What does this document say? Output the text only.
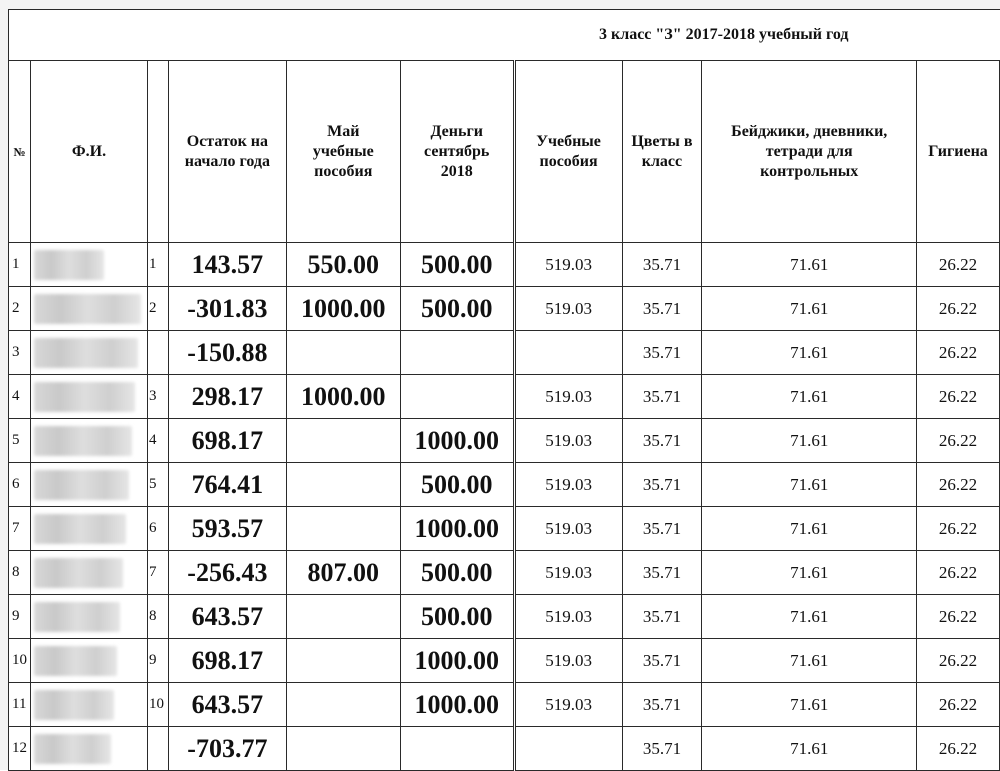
3 класс "З" 2017-2018 учебный год									
№	Ф.И.		Остаток на
начало года	Май
учебные
пособия	Деньги
сентябрь
2018	Учебные
пособия	Цветы в
класс	Бейджики, дневники,
тетради для
контрольных	Гигиена

1		1	143.57	550.00	500.00	519.03	35.71	71.61	26.22
2		2	-301.83	1000.00	500.00	519.03	35.71	71.61	26.22
3			-150.88				35.71	71.61	26.22
4		3	298.17	1000.00		519.03	35.71	71.61	26.22
5		4	698.17		1000.00	519.03	35.71	71.61	26.22
6		5	764.41		500.00	519.03	35.71	71.61	26.22
7		6	593.57		1000.00	519.03	35.71	71.61	26.22
8		7	-256.43	807.00	500.00	519.03	35.71	71.61	26.22
9		8	643.57		500.00	519.03	35.71	71.61	26.22
10		9	698.17		1000.00	519.03	35.71	71.61	26.22
11		10	643.57		1000.00	519.03	35.71	71.61	26.22
12			-703.77				35.71	71.61	26.22
